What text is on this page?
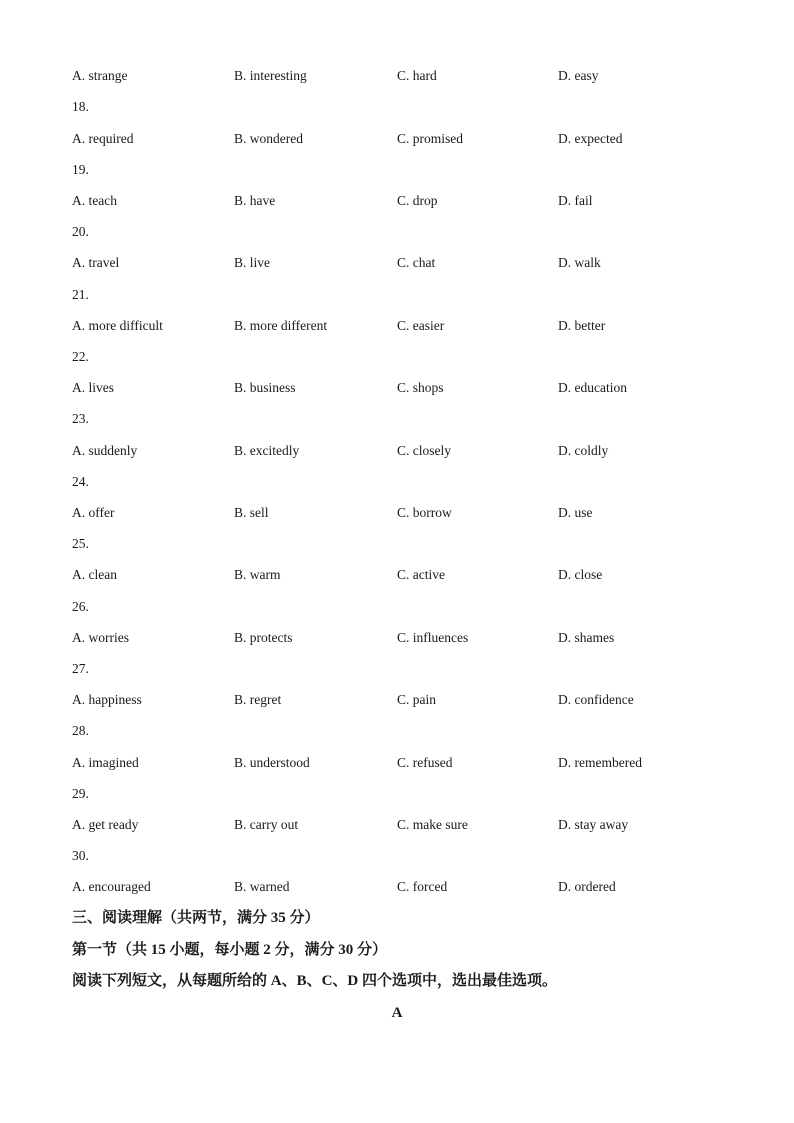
A. strange	B. interesting	C. hard	D. easy
18.
A. required	B. wondered	C. promised	D. expected
19.
A. teach	B. have	C. drop	D. fail
20.
A. travel	B. live	C. chat	D. walk
21.
A. more difficult	B. more different	C. easier	D. better
22.
A. lives	B. business	C. shops	D. education
23.
A. suddenly	B. excitedly	C. closely	D. coldly
24.
A. offer	B. sell	C. borrow	D. use
25.
A. clean	B. warm	C. active	D. close
26.
A. worries	B. protects	C. influences	D. shames
27.
A. happiness	B. regret	C. pain	D. confidence
28.
A. imagined	B. understood	C. refused	D. remembered
29.
A. get ready	B. carry out	C. make sure	D. stay away
30.
A. encouraged	B. warned	C. forced	D. ordered
三、阅读理解（共两节，满分 35 分）
第一节（共 15 小题，每小题 2 分，满分 30 分）
阅读下列短文，从每题所给的 A、B、C、D 四个选项中，选出最佳选项。
A
